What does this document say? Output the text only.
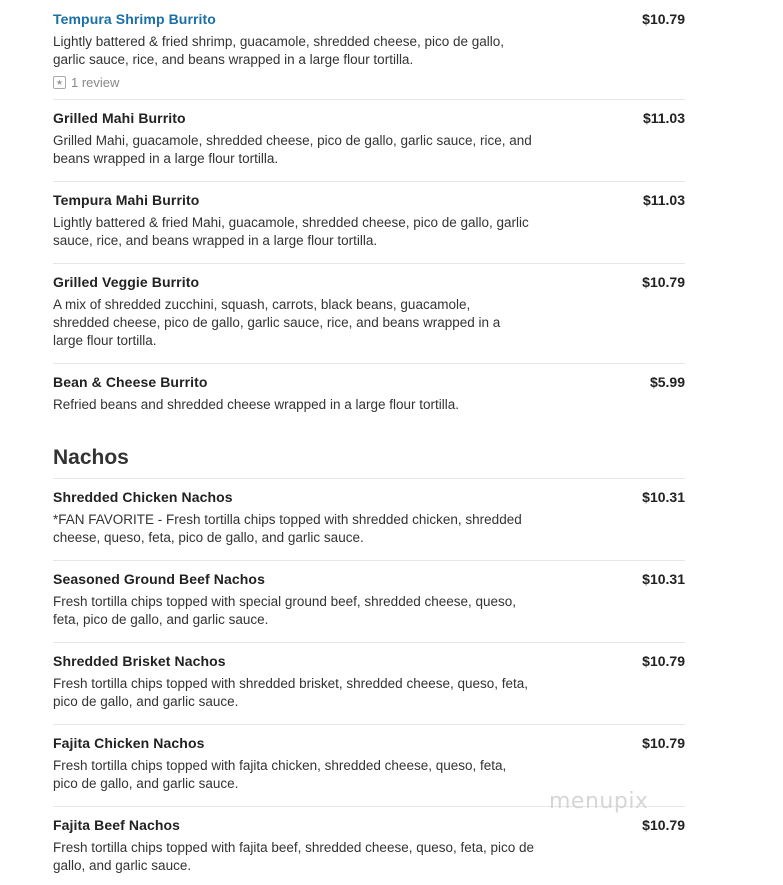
Tempura Shrimp Burrito	$10.79
Lightly battered & fried shrimp, guacamole, shredded cheese, pico de gallo, garlic sauce, rice, and beans wrapped in a large flour tortilla.
★ 1 review
Grilled Mahi Burrito	$11.03
Grilled Mahi, guacamole, shredded cheese, pico de gallo, garlic sauce, rice, and beans wrapped in a large flour tortilla.
Tempura Mahi Burrito	$11.03
Lightly battered & fried Mahi, guacamole, shredded cheese, pico de gallo, garlic sauce, rice, and beans wrapped in a large flour tortilla.
Grilled Veggie Burrito	$10.79
A mix of shredded zucchini, squash, carrots, black beans, guacamole, shredded cheese, pico de gallo, garlic sauce, rice, and beans wrapped in a large flour tortilla.
Bean & Cheese Burrito	$5.99
Refried beans and shredded cheese wrapped in a large flour tortilla.
Nachos
Shredded Chicken Nachos	$10.31
*FAN FAVORITE - Fresh tortilla chips topped with shredded chicken, shredded cheese, queso, feta, pico de gallo, and garlic sauce.
Seasoned Ground Beef Nachos	$10.31
Fresh tortilla chips topped with special ground beef, shredded cheese, queso, feta, pico de gallo, and garlic sauce.
Shredded Brisket Nachos	$10.79
Fresh tortilla chips topped with shredded brisket, shredded cheese, queso, feta, pico de gallo, and garlic sauce.
Fajita Chicken Nachos	$10.79
Fresh tortilla chips topped with fajita chicken, shredded cheese, queso, feta, pico de gallo, and garlic sauce.
Fajita Beef Nachos	$10.79
Fresh tortilla chips topped with fajita beef, shredded cheese, queso, feta, pico de gallo, and garlic sauce.
menupix
